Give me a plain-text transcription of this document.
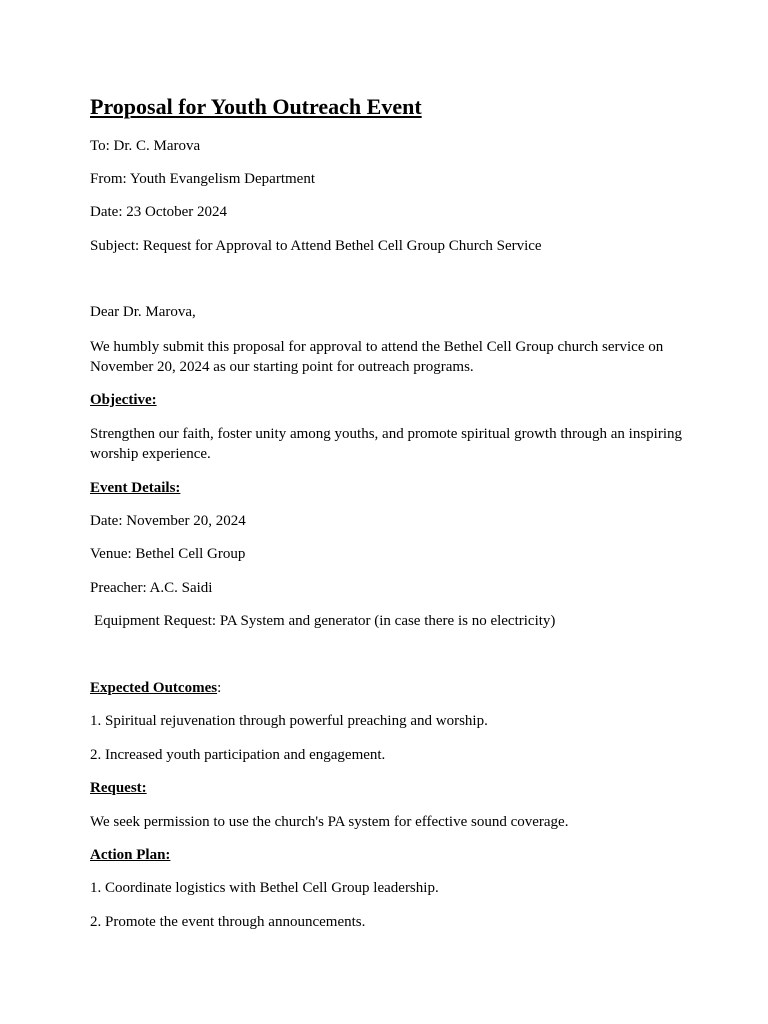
Proposal for Youth Outreach Event

To: Dr. C. Marova

From: Youth Evangelism Department

Date: 23 October 2024

Subject: Request for Approval to Attend Bethel Cell Group Church Service

Dear Dr. Marova,

We humbly submit this proposal for approval to attend the Bethel Cell Group church service on November 20, 2024 as our starting point for outreach programs.

Objective:

Strengthen our faith, foster unity among youths, and promote spiritual growth through an inspiring worship experience.

Event Details:

Date: November 20, 2024

Venue: Bethel Cell Group

Preacher: A.C. Saidi

Equipment Request: PA System and generator (in case there is no electricity)

Expected Outcomes:

1. Spiritual rejuvenation through powerful preaching and worship.

2. Increased youth participation and engagement.

Request:

We seek permission to use the church's PA system for effective sound coverage.

Action Plan:

1. Coordinate logistics with Bethel Cell Group leadership.

2. Promote the event through announcements.
